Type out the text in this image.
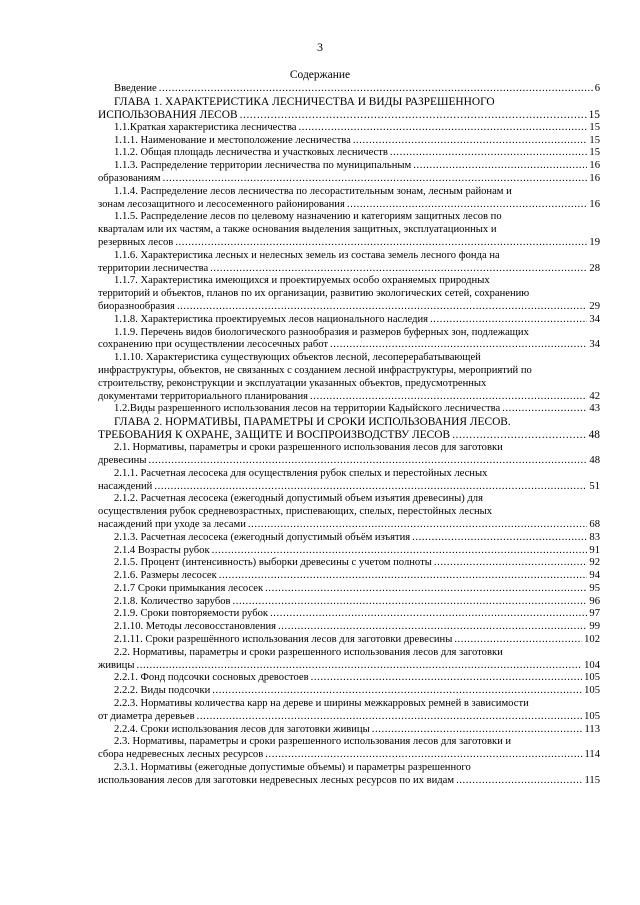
3
Содержание
Введение .....	6
ГЛАВА 1. ХАРАКТЕРИСТИКА ЛЕСНИЧЕСТВА И ВИДЫ РАЗРЕШЕННОГО
ИСПОЛЬЗОВАНИЯ ЛЕСОВ .....	15
1.1.Краткая характеристика лесничества .....	15
1.1.1. Наименование и местоположение лесничества .....	15
1.1.2. Общая площадь лесничества и участковых лесничеств .....	15
1.1.3. Распределение территории лесничества по муниципальным .....	16
образованиям .....	16
1.1.4. Распределение лесов лесничества по лесорастительным зонам, лесным районам и
зонам лесозащитного и лесосеменного районирования .....	16
1.1.5. Распределение лесов по целевому назначению и категориям защитных лесов по
кварталам или их частям, а также основания выделения защитных, эксплуатационных и
резервных лесов .....	19
1.1.6. Характеристика лесных и нелесных земель из состава земель лесного фонда на
территории лесничества .....	28
1.1.7. Характеристика имеющихся и проектируемых особо охраняемых природных
территорий и объектов, планов по их организации, развитию экологических сетей, сохранению
биоразнообразия .....	29
1.1.8. Характеристика проектируемых лесов национального наследия .....	34
1.1.9. Перечень видов биологического разнообразия и размеров буферных зон, подлежащих
сохранению при осуществлении лесосечных работ .....	34
1.1.10. Характеристика существующих объектов лесной, лесоперерабатывающей
инфраструктуры, объектов, не связанных с созданием лесной инфраструктуры, мероприятий по
строительству, реконструкции и эксплуатации указанных объектов, предусмотренных
документами территориального планирования .....	42
1.2.Виды разрешенного использования лесов на территории Кадыйского лесничества .....	43
ГЛАВА 2. НОРМАТИВЫ, ПАРАМЕТРЫ И СРОКИ ИСПОЛЬЗОВАНИЯ ЛЕСОВ.
ТРЕБОВАНИЯ К ОХРАНЕ, ЗАЩИТЕ И ВОСПРОИЗВОДСТВУ ЛЕСОВ .....	48
2.1. Нормативы, параметры и сроки разрешенного использования лесов для заготовки
древесины .....	48
2.1.1. Расчетная лесосека для осуществления рубок спелых и перестойных лесных
насаждений .....	51
2.1.2. Расчетная лесосека (ежегодный допустимый объем изъятия древесины) для
осуществления рубок средневозрастных, приспевающих, спелых, перестойных лесных
насаждений при уходе за лесами .....	68
2.1.3. Расчетная лесосека (ежегодный допустимый объём изъятия .....	83
2.1.4 Возрасты рубок .....	91
2.1.5. Процент (интенсивность) выборки древесины с учетом полноты .....	92
2.1.6. Размеры лесосек .....	94
2.1.7 Сроки примыкания лесосек .....	95
2.1.8. Количество зарубов .....	96
2.1.9. Сроки повторяемости рубок .....	97
2.1.10. Методы лесовосстановления .....	99
2.1.11. Сроки разрешённого использования лесов для заготовки древесины .....	102
2.2. Нормативы, параметры и сроки разрешенного использования лесов для заготовки
живицы .....	104
2.2.1. Фонд подсочки сосновых древостоев .....	105
2.2.2. Виды подсочки .....	105
2.2.3. Нормативы количества карр на дереве и ширины межкарровых ремней в зависимости
от диаметра деревьев .....	105
2.2.4. Сроки использования лесов для заготовки живицы .....	113
2.3. Нормативы, параметры и сроки разрешенного использования лесов для заготовки и
сбора недревесных лесных ресурсов .....	114
2.3.1. Нормативы (ежегодные допустимые объемы) и параметры разрешенного
использования лесов для заготовки недревесных лесных ресурсов по их видам .....	115
